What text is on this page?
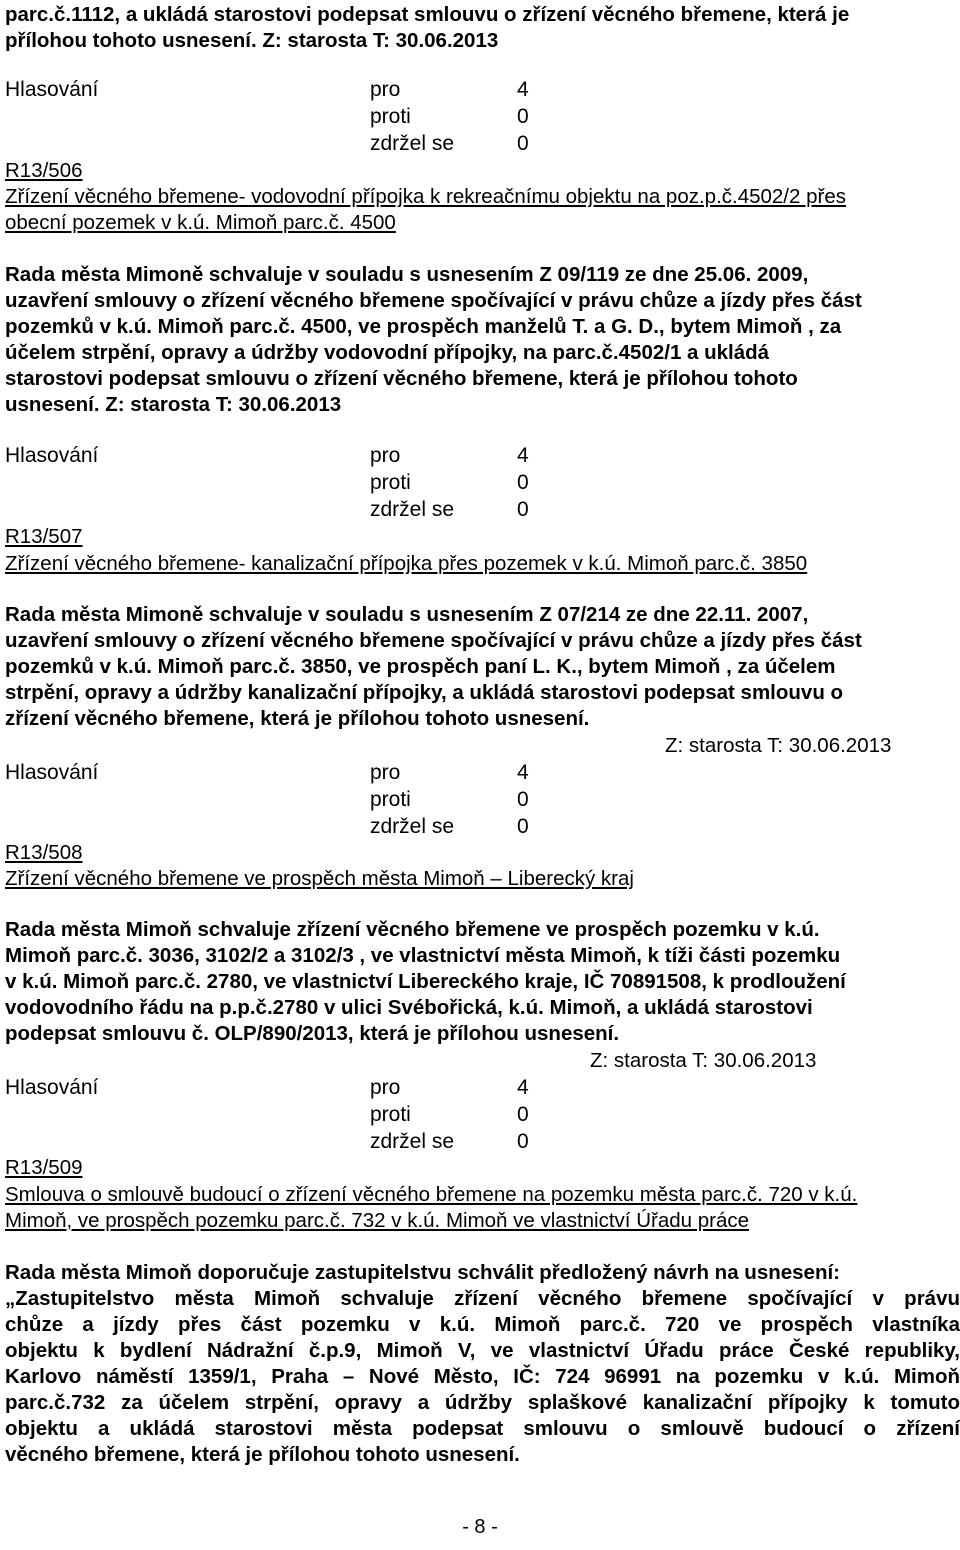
parc.č.1112, a ukládá starostovi podepsat smlouvu o zřízení věcného břemene, která je
přílohou tohoto usnesení. Z: starosta T: 30.06.2013
Hlasování	pro	4
proti	0
zdržel se	0
R13/506
Zřízení věcného břemene- vodovodní přípojka k rekreačnímu objektu na poz.p.č.4502/2 přes
obecní pozemek v k.ú. Mimoň parc.č. 4500
Rada města Mimoně schvaluje v souladu s usnesením Z 09/119 ze dne 25.06. 2009,
uzavření smlouvy o zřízení věcného břemene spočívající v právu chůze a jízdy přes část
pozemků v k.ú. Mimoň parc.č. 4500, ve prospěch manželů T. a G. D., bytem Mimoň , za
účelem strpění, opravy a údržby vodovodní přípojky, na parc.č.4502/1 a ukládá
starostovi podepsat smlouvu o zřízení věcného břemene, která je přílohou tohoto
usnesení. Z: starosta T: 30.06.2013
Hlasování	pro	4
proti	0
zdržel se	0
R13/507
Zřízení věcného břemene- kanalizační přípojka přes pozemek v k.ú. Mimoň parc.č. 3850
Rada města Mimoně schvaluje v souladu s usnesením Z 07/214 ze dne 22.11. 2007,
uzavření smlouvy o zřízení věcného břemene spočívající v právu chůze a jízdy přes část
pozemků v k.ú. Mimoň parc.č. 3850, ve prospěch paní L. K., bytem Mimoň , za účelem
strpění, opravy a údržby kanalizační přípojky, a ukládá starostovi podepsat smlouvu o
zřízení věcného břemene, která je přílohou tohoto usnesení.
Z: starosta T: 30.06.2013
Hlasování	pro	4
proti	0
zdržel se	0
R13/508
Zřízení věcného břemene ve prospěch města Mimoň – Liberecký kraj
Rada města Mimoň schvaluje zřízení věcného břemene ve prospěch pozemku v k.ú.
Mimoň parc.č. 3036, 3102/2 a 3102/3 , ve vlastnictví města Mimoň, k tíži části pozemku
v k.ú. Mimoň parc.č. 2780, ve vlastnictví Libereckého kraje, IČ 70891508, k prodloužení
vodovodního řádu na p.p.č.2780 v ulici Svébořická, k.ú. Mimoň, a ukládá starostovi
podepsat smlouvu č. OLP/890/2013, která je přílohou usnesení.
Z: starosta T: 30.06.2013
Hlasování	pro	4
proti	0
zdržel se	0
R13/509
Smlouva o smlouvě budoucí o zřízení věcného břemene na pozemku města parc.č. 720 v k.ú.
Mimoň, ve prospěch pozemku parc.č. 732 v k.ú. Mimoň ve vlastnictví Úřadu práce
Rada města Mimoň doporučuje zastupitelstvu schválit předložený návrh na usnesení:
„Zastupitelstvo města Mimoň schvaluje zřízení věcného břemene spočívající v právu
chůze a jízdy přes část pozemku v k.ú. Mimoň parc.č. 720 ve prospěch vlastníka
objektu k bydlení Nádražní č.p.9, Mimoň V, ve vlastnictví Úřadu práce České republiky,
Karlovo náměstí 1359/1, Praha – Nové Město, IČ: 724 96991 na pozemku v k.ú. Mimoň
parc.č.732 za účelem strpění, opravy a údržby splaškové kanalizační přípojky k tomuto
objektu a ukládá starostovi města podepsat smlouvu o smlouvě budoucí o zřízení
věcného břemene, která je přílohou tohoto usnesení.
- 8 -
